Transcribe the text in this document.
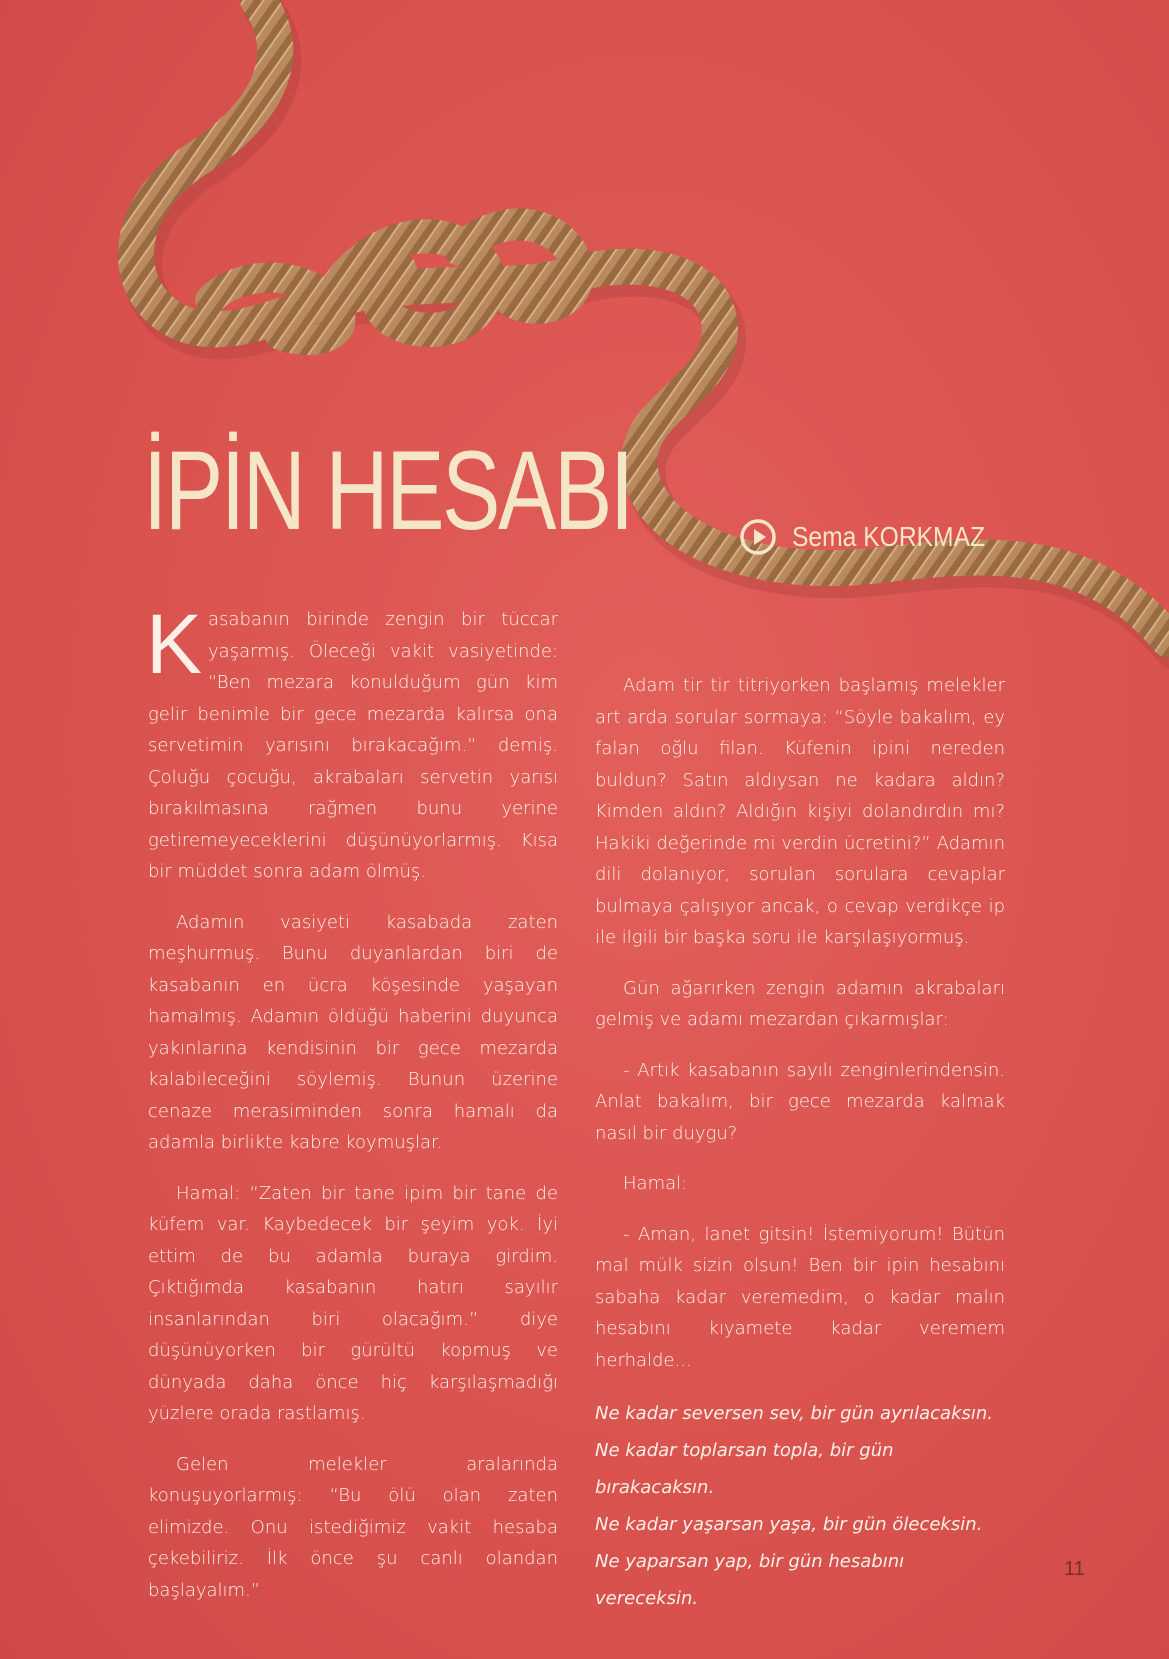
İPİN HESABI	Sema KORKMAZ

Kasabanın birinde zengin bir tüccar yaşarmış. Öleceği vakit vasiyetinde: “Ben mezara konulduğum gün kim gelir benimle bir gece mezarda kalırsa ona servetimin yarısını bırakacağım.” demiş. Çoluğu çocuğu, akrabaları servetin yarısı bırakılmasına rağmen bunu yerine getiremeyeceklerini düşünüyorlarmış. Kısa bir müddet sonra adam ölmüş.

Adamın vasiyeti kasabada zaten meşhurmuş. Bunu duyanlardan biri de kasabanın en ücra köşesinde yaşayan hamalmış. Adamın öldüğü haberini duyunca yakınlarına kendisinin bir gece mezarda kalabileceğini söylemiş. Bunun üzerine cenaze merasiminden sonra hamalı da adamla birlikte kabre koymuşlar.

Hamal: “Zaten bir tane ipim bir tane de küfem var. Kaybedecek bir şeyim yok. İyi ettim de bu adamla buraya girdim. Çıktığımda kasabanın hatırı sayılır insanlarından biri olacağım.” diye düşünüyorken bir gürültü kopmuş ve dünyada daha önce hiç karşılaşmadığı yüzlere orada rastlamış.

Gelen melekler aralarında konuşuyorlarmış: “Bu ölü olan zaten elimizde. Onu istediğimiz vakit hesaba çekebiliriz. İlk önce şu canlı olandan başlayalım.”

Adam tir tir titriyorken başlamış melekler art arda sorular sormaya: “Söyle bakalım, ey falan oğlu filan. Küfenin ipini nereden buldun? Satın aldıysan ne kadara aldın? Kimden aldın? Aldığın kişiyi dolandırdın mı? Hakiki değerinde mi verdin ücretini?” Adamın dili dolanıyor, sorulan sorulara cevaplar bulmaya çalışıyor ancak, o cevap verdikçe ip ile ilgili bir başka soru ile karşılaşıyormuş.

Gün ağarırken zengin adamın akrabaları gelmiş ve adamı mezardan çıkarmışlar:

- Artık kasabanın sayılı zenginlerindensin. Anlat bakalım, bir gece mezarda kalmak nasıl bir duygu?

Hamal:

- Aman, lanet gitsin! İstemiyorum! Bütün mal mülk sizin olsun! Ben bir ipin hesabını sabaha kadar veremedim, o kadar malın hesabını kıyamete kadar veremem herhalde...

Ne kadar seversen sev, bir gün ayrılacaksın.

Ne kadar toplarsan topla, bir gün bırakacaksın.

Ne kadar yaşarsan yaşa, bir gün öleceksin.

Ne yaparsan yap, bir gün hesabını vereceksin.

11
